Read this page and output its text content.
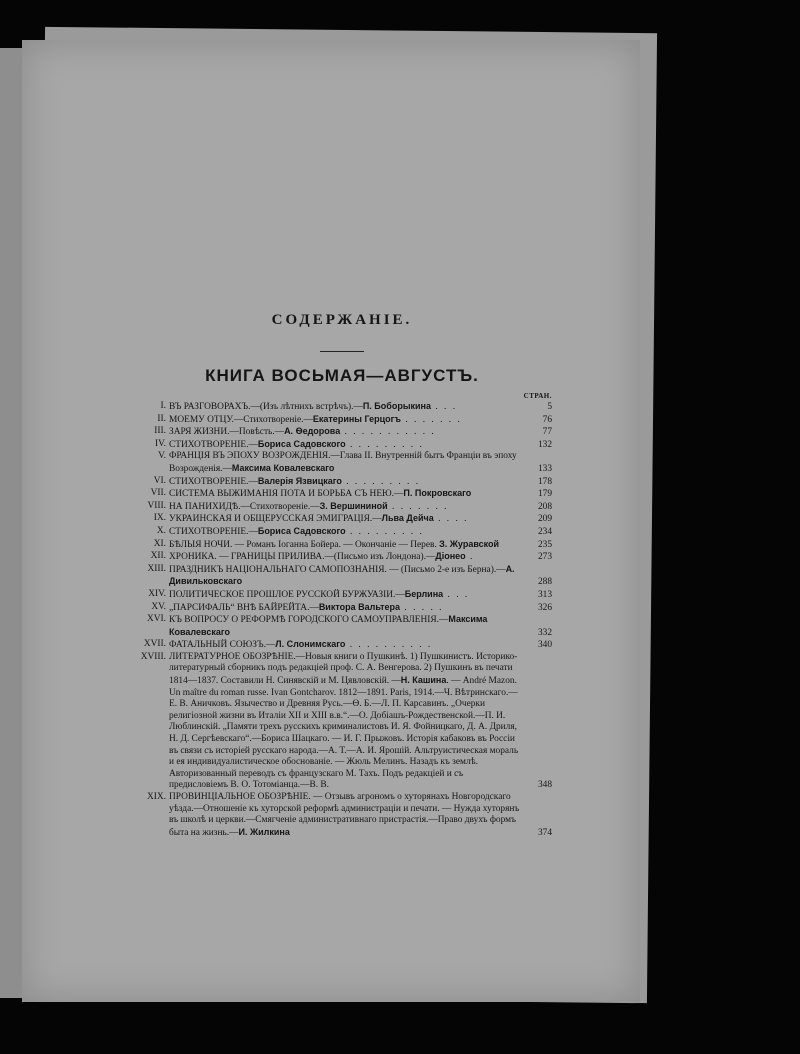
СОДЕРЖАНІЕ.
КНИГА ВОСЬМАЯ—АВГУСТЪ.
СТРАН.
I. ВЪ РАЗГОВОРАХЪ.—(Изъ лѣтнихъ встрѣчъ).—П. Боборыкина . . .	5
II. МОЕМУ ОТЦУ.—Стихотвореніе.—Екатерины Герцогъ . . . . . . .	76
III. ЗАРЯ ЖИЗНИ.—Повѣсть.—А. Ѳедорова . . . . . . . . . . .	77
IV. СТИХОТВОРЕНІЕ.—Бориса Садовского . . . . . . . . .	132
V. ФРАНЦІЯ ВЪ ЭПОХУ ВОЗРОЖДЕНІЯ.—Глава II. Внутренній бытъ Франціи въ эпоху Возрожденія.—Максима Ковалевскаго	133
VI. СТИХОТВОРЕНІЕ.—Валерія Язвицкаго . . . . . . . . .	178
VII. СИСТЕМА ВЫЖИМАНІЯ ПОТА И БОРЬБА СЪ НЕЮ.—П. Покровскаго	179
VIII. НА ПАНИХИДѢ.—Стихотвореніе.—З. Вершининой . . . . . . .	208
IX. УКРАИНСКАЯ И ОБЩЕРУССКАЯ ЭМИГРАЦІЯ.—Льва Дейча . . . .	209
X. СТИХОТВОРЕНІЕ.—Бориса Садовского . . . . . . . . .	234
XI. БѢЛЫЯ НОЧИ. — Романъ Іоганна Бойера. — Окончаніе — Перев. З. Журавской	235
XII. ХРОНИКА. — ГРАНИЦЫ ПРИЛИВА.—(Письмо изъ Лондона).—Діонео .	273
XIII. ПРАЗДНИКЪ НАЦІОНАЛЬНАГО САМОПОЗНАНІЯ. — (Письмо 2-е изъ Берна).—А. Дивильковскаго	288
XIV. ПОЛИТИЧЕСКОЕ ПРОШЛОЕ РУССКОЙ БУРЖУАЗІИ.—Берлина . . .	313
XV. „ПАРСИФАЛЬ“ ВНѢ БАЙРЕЙТА.—Виктора Вальтера . . . . .	326
XVI. КЪ ВОПРОСУ О РЕФОРМѢ ГОРОДСКОГО САМОУПРАВЛЕНІЯ.—Максима Ковалевскаго	332
XVII. ФАТАЛЬНЫЙ СОЮЗЪ.—Л. Слонимскаго . . . . . . . . . .	340
XVIII. ЛИТЕРАТУРНОЕ ОБОЗРѢНІЕ.—Новыя книги о Пушкинѣ. 1) Пушкинистъ. Историко-литературный сборникъ подъ редакціей проф. С. А. Венгерова. 2) Пушкинъ въ печати 1814—1837. Составили Н. Синявскій и М. Цявловскій. —Н. Кашина. — André Mazon. Un maître du roman russe. Ivan Gontcharov. 1812—1891. Paris, 1914.—Ч. Вѣтринскаго.—Е. В. Аничковъ. Язычество и Древняя Русь.—Ѳ. Б.—Л. П. Карсавинъ. „Очерки религіозной жизни въ Италіи XII и XIII в.в.“.—О. Добіашъ-Рождественской.—П. И. Люблинскій. „Памяти трехъ русскихъ криминалистовъ И. Я. Фойницкаго, Д. А. Дриля, Н. Д. Сергѣевскаго“.—Бориса Шацкаго. — И. Г. Прыжовъ. Исторія кабаковъ въ Россіи въ связи съ исторіей русскаго народа.—А. Т.—А. И. Ярошій. Альтруистическая мораль и ея индивидуалистическое обоснованіе. — Жюль Мелинъ. Назадъ къ землѣ. Авторизованный переводъ съ французскаго М. Тахъ. Подъ редакціей и съ предисловіемъ В. О. Тотоміанца.—В. В.	348
XIX. ПРОВИНЦІАЛЬНОЕ ОБОЗРѢНІЕ. — Отзывъ агрономъ о хуторянахъ Новгородскаго уѣзда.—Отношеніе къ хуторской реформѣ администраціи и печати. — Нужда хуторянъ въ школѣ и церкви.—Смягченіе административнаго пристрастія.—Право двухъ формъ быта на жизнь.—И. Жилкина	374
